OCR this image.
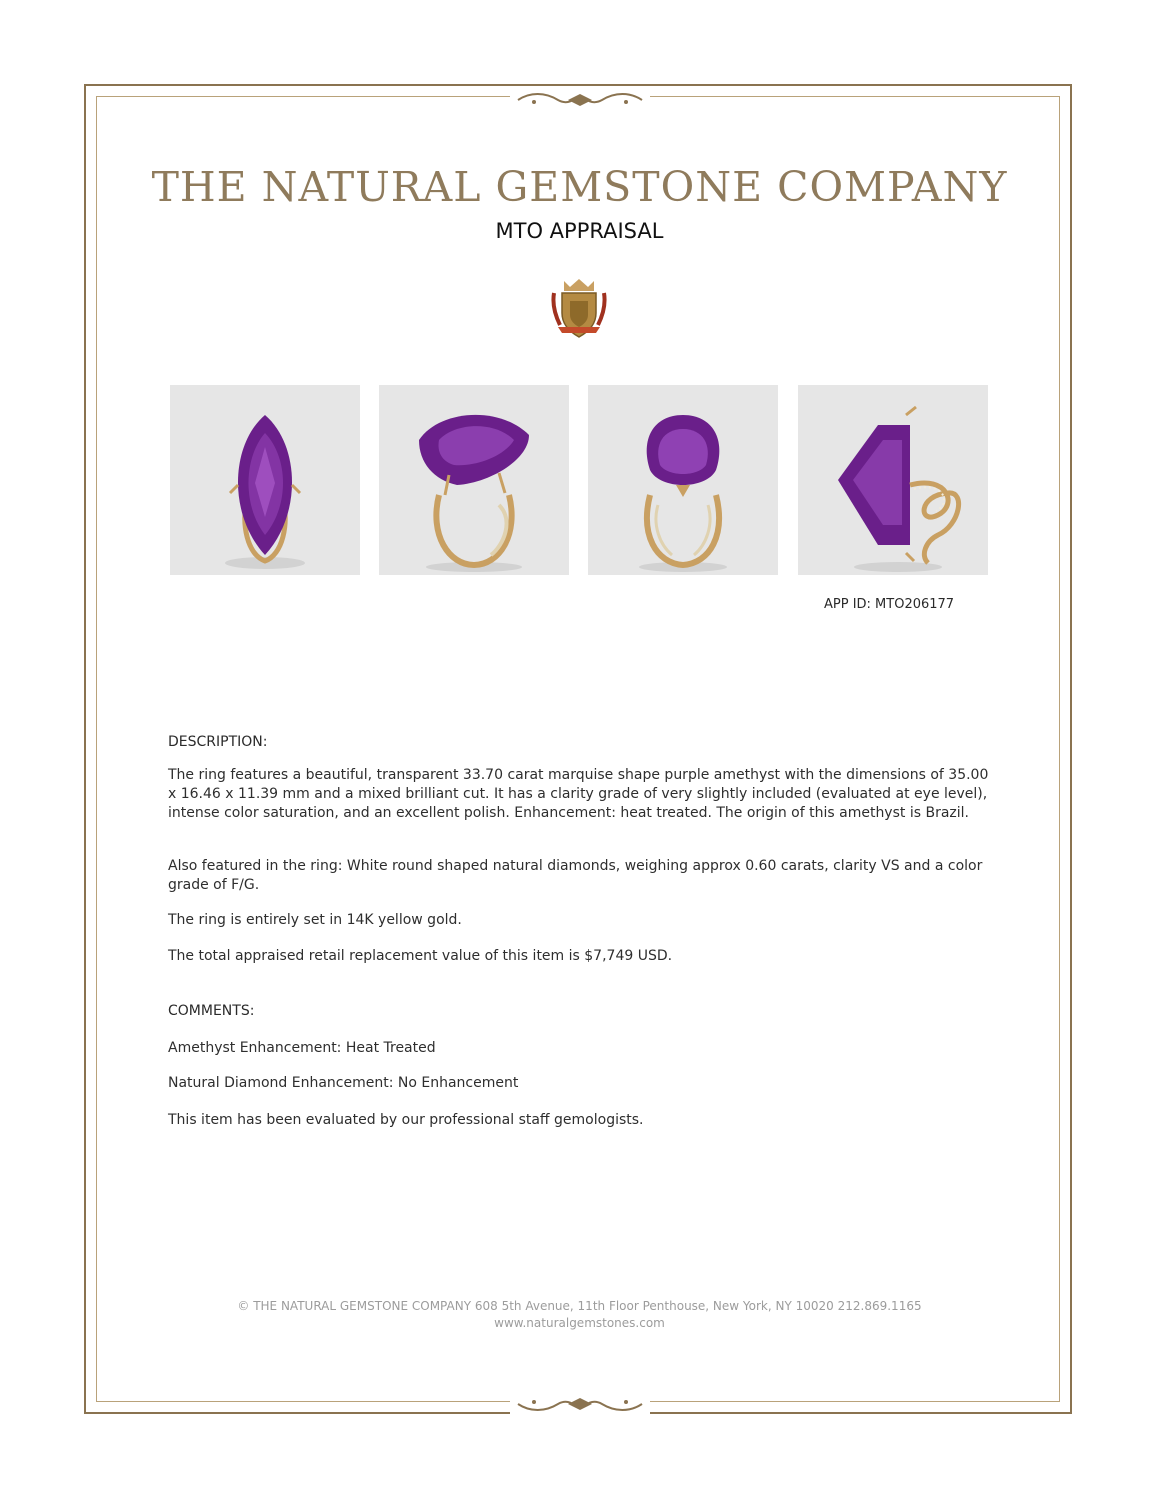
THE NATURAL GEMSTONE COMPANY
MTO APPRAISAL
APP ID: MTO206177
DESCRIPTION:
The ring features a beautiful, transparent 33.70 carat marquise shape purple amethyst with the dimensions of 35.00 x 16.46 x 11.39 mm and a mixed brilliant cut. It has a clarity grade of very slightly included (evaluated at eye level), intense color saturation, and an excellent polish. Enhancement: heat treated. The origin of this amethyst is Brazil.
Also featured in the ring: White round shaped natural diamonds, weighing approx 0.60 carats, clarity VS and a color grade of F/G.
The ring is entirely set in 14K yellow gold.
The total appraised retail replacement value of this item is $7,749 USD.
COMMENTS:
Amethyst Enhancement: Heat Treated
Natural Diamond Enhancement: No Enhancement
This item has been evaluated by our professional staff gemologists.
© THE NATURAL GEMSTONE COMPANY 608 5th Avenue, 11th Floor Penthouse, New York, NY 10020 212.869.1165
www.naturalgemstones.com
